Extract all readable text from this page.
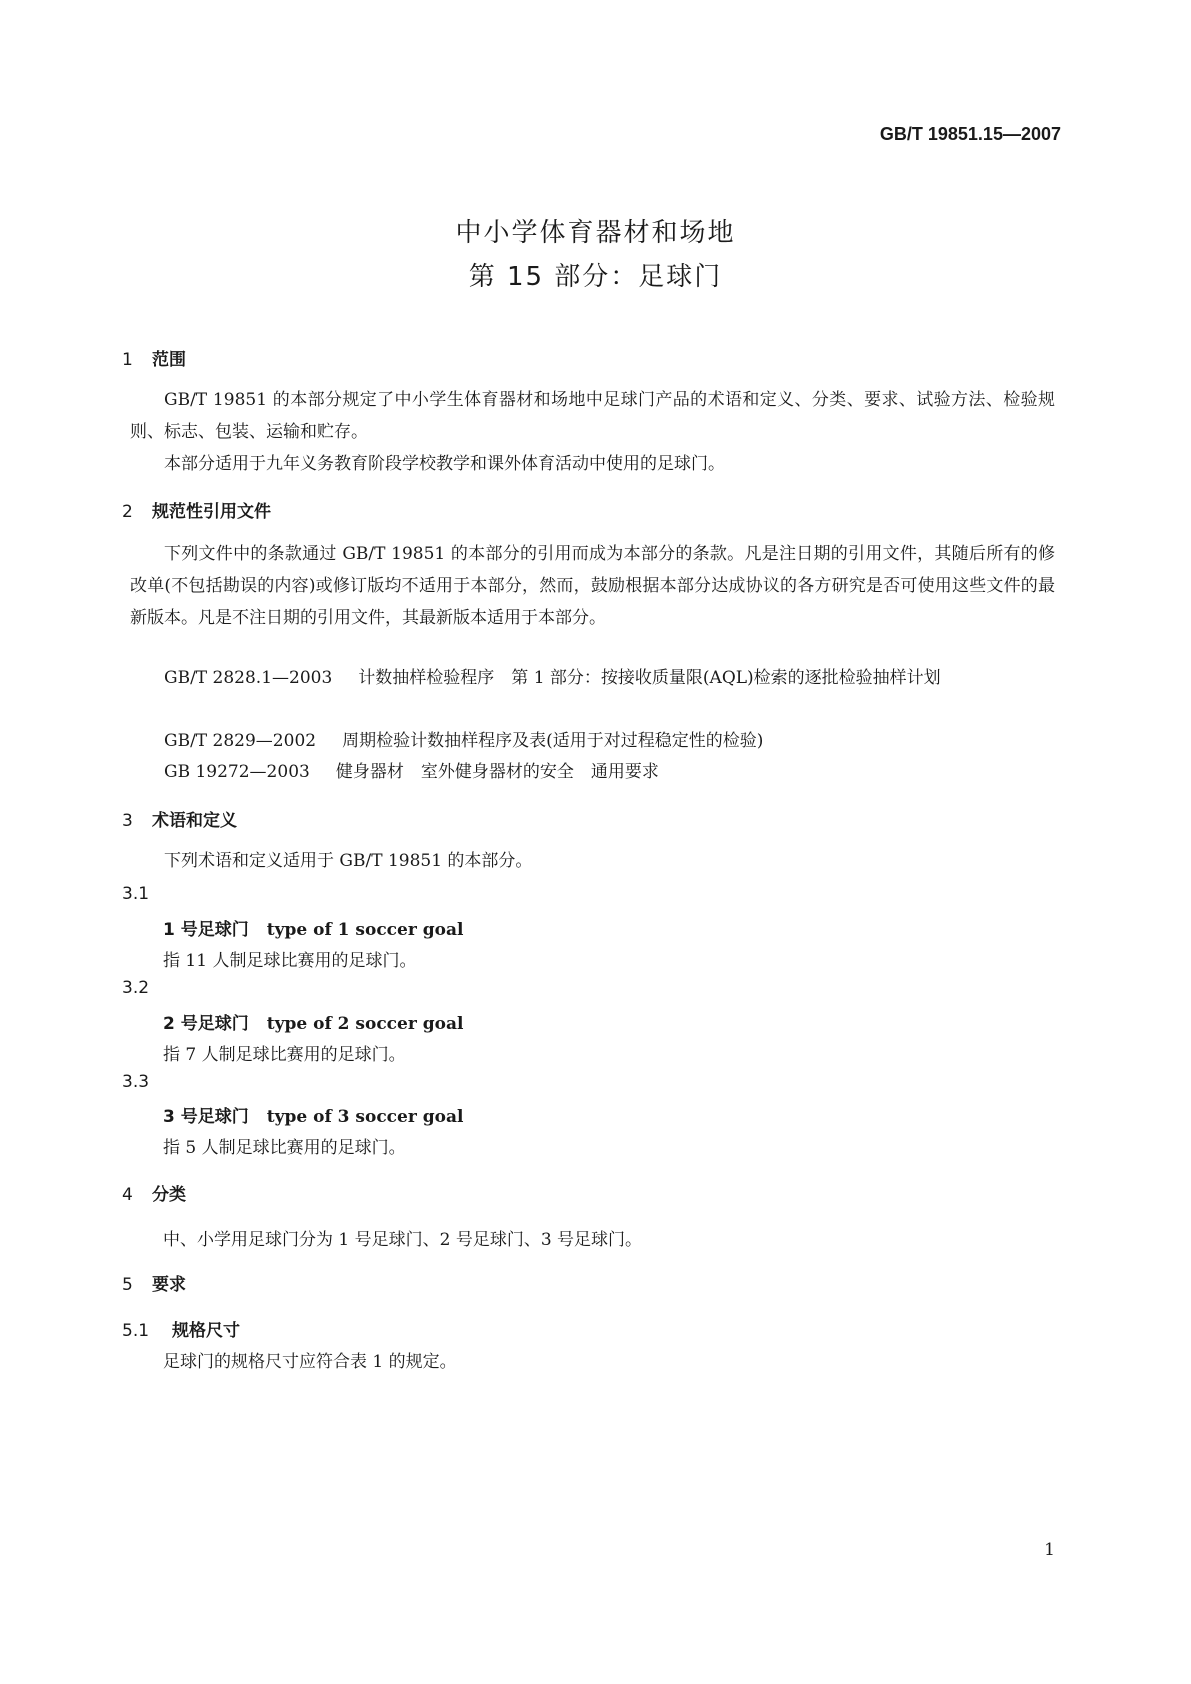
GB/T 19851.15—2007
中小学体育器材和场地
第 15 部分：足球门
1 范围
GB/T 19851 的本部分规定了中小学生体育器材和场地中足球门产品的术语和定义、分类、要求、试验方法、检验规则、标志、包装、运输和贮存。
本部分适用于九年义务教育阶段学校教学和课外体育活动中使用的足球门。
2 规范性引用文件
下列文件中的条款通过 GB/T 19851 的本部分的引用而成为本部分的条款。凡是注日期的引用文件，其随后所有的修改单(不包括勘误的内容)或修订版均不适用于本部分，然而，鼓励根据本部分达成协议的各方研究是否可使用这些文件的最新版本。凡是不注日期的引用文件，其最新版本适用于本部分。
GB/T 2828.1—2003 计数抽样检验程序　第 1 部分：按接收质量限(AQL)检索的逐批检验抽样计划
GB/T 2829—2002 周期检验计数抽样程序及表(适用于对过程稳定性的检验)
GB 19272—2003 健身器材　室外健身器材的安全　通用要求
3 术语和定义
下列术语和定义适用于 GB/T 19851 的本部分。
3.1
1 号足球门 type of 1 soccer goal
指 11 人制足球比赛用的足球门。
3.2
2 号足球门 type of 2 soccer goal
指 7 人制足球比赛用的足球门。
3.3
3 号足球门 type of 3 soccer goal
指 5 人制足球比赛用的足球门。
4 分类
中、小学用足球门分为 1 号足球门、2 号足球门、3 号足球门。
5 要求
5.1 规格尺寸
足球门的规格尺寸应符合表 1 的规定。
1
